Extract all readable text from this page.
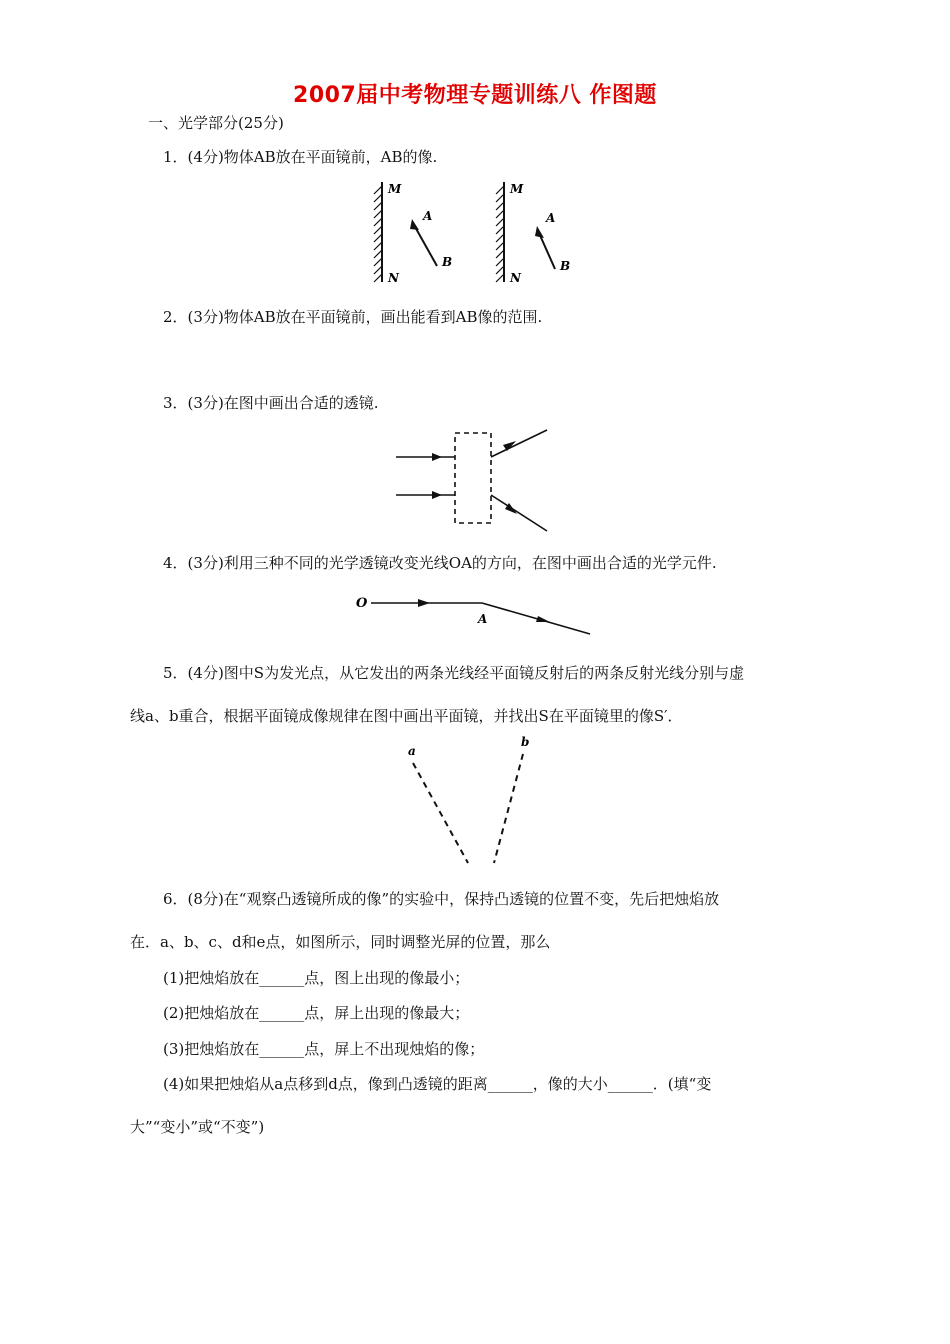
2007届中考物理专题训练八 作图题
一、光学部分(25分)
1．(4分)物体AB放在平面镜前，AB的像.
M
N
A
B
M
N
A
B
2．(3分)物体AB放在平面镜前，画出能看到AB像的范围.
3．(3分)在图中画出合适的透镜.
4．(3分)利用三种不同的光学透镜改变光线OA的方向，在图中画出合适的光学元件.
O
A
5．(4分)图中S为发光点，从它发出的两条光线经平面镜反射后的两条反射光线分别与虚
线a、b重合，根据平面镜成像规律在图中画出平面镜，并找出S在平面镜里的像S′．
a
b
6．(8分)在“观察凸透镜所成的像”的实验中，保持凸透镜的位置不变，先后把烛焰放
在．a、b、c、d和e点，如图所示，同时调整光屏的位置，那么
(1)把烛焰放在______点，图上出现的像最小；
(2)把烛焰放在______点，屏上出现的像最大；
(3)把烛焰放在______点，屏上不出现烛焰的像；
(4)如果把烛焰从a点移到d点，像到凸透镜的距离______，像的大小______．(填“变
大”“变小”或“不变”)
